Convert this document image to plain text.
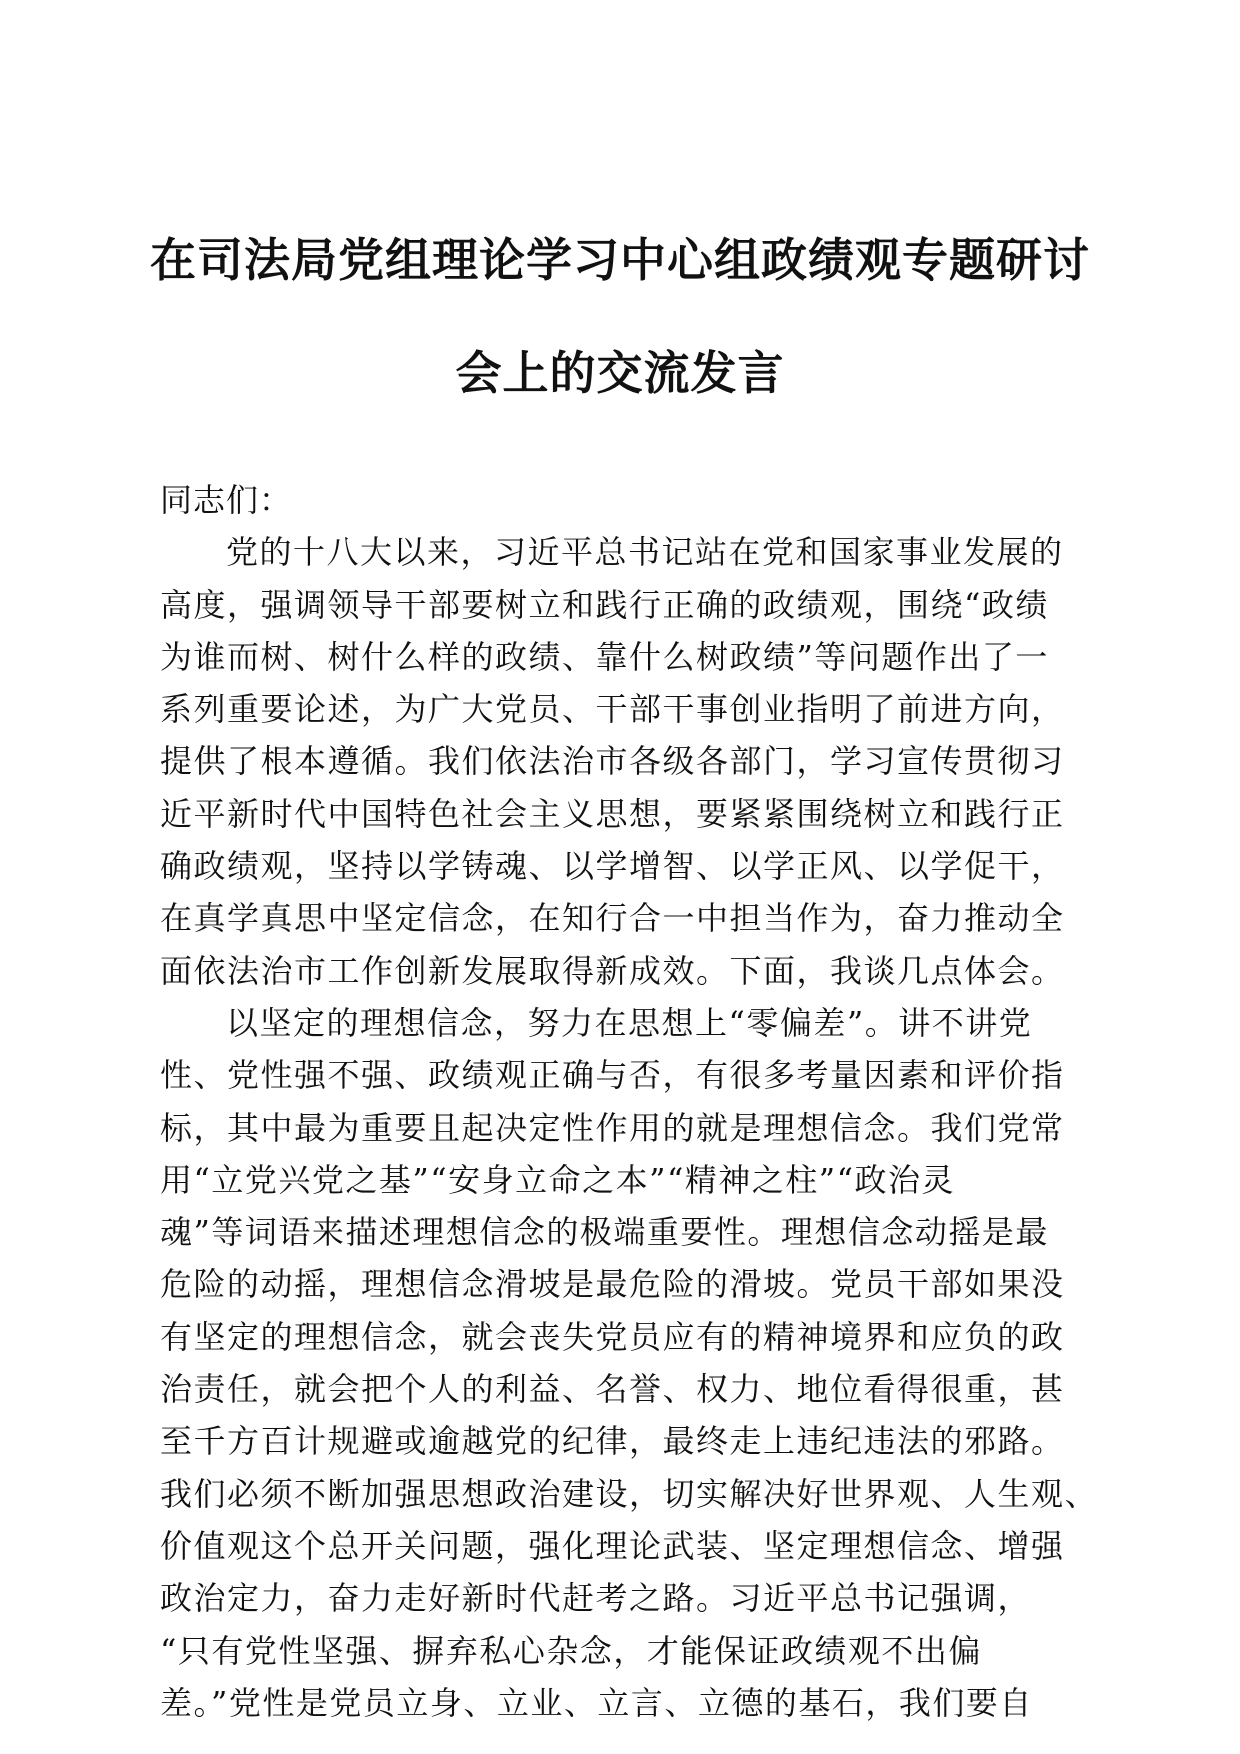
在司法局党组理论学习中心组政绩观专题研讨
会上的交流发言
同志们：
党的十八大以来，习近平总书记站在党和国家事业发展的
高度，强调领导干部要树立和践行正确的政绩观，围绕“政绩
为谁而树、树什么样的政绩、靠什么树政绩”等问题作出了一
系列重要论述，为广大党员、干部干事创业指明了前进方向，
提供了根本遵循。我们依法治市各级各部门，学习宣传贯彻习
近平新时代中国特色社会主义思想，要紧紧围绕树立和践行正
确政绩观，坚持以学铸魂、以学增智、以学正风、以学促干，
在真学真思中坚定信念，在知行合一中担当作为，奋力推动全
面依法治市工作创新发展取得新成效。下面，我谈几点体会。
以坚定的理想信念，努力在思想上“零偏差”。讲不讲党
性、党性强不强、政绩观正确与否，有很多考量因素和评价指
标，其中最为重要且起决定性作用的就是理想信念。我们党常
用“立党兴党之基”“安身立命之本”“精神之柱”“政治灵
魂”等词语来描述理想信念的极端重要性。理想信念动摇是最
危险的动摇，理想信念滑坡是最危险的滑坡。党员干部如果没
有坚定的理想信念，就会丧失党员应有的精神境界和应负的政
治责任，就会把个人的利益、名誉、权力、地位看得很重，甚
至千方百计规避或逾越党的纪律，最终走上违纪违法的邪路。
我们必须不断加强思想政治建设，切实解决好世界观、人生观、
价值观这个总开关问题，强化理论武装、坚定理想信念、增强
政治定力，奋力走好新时代赶考之路。习近平总书记强调，
“只有党性坚强、摒弃私心杂念，才能保证政绩观不出偏
差。”党性是党员立身、立业、立言、立德的基石，我们要自
